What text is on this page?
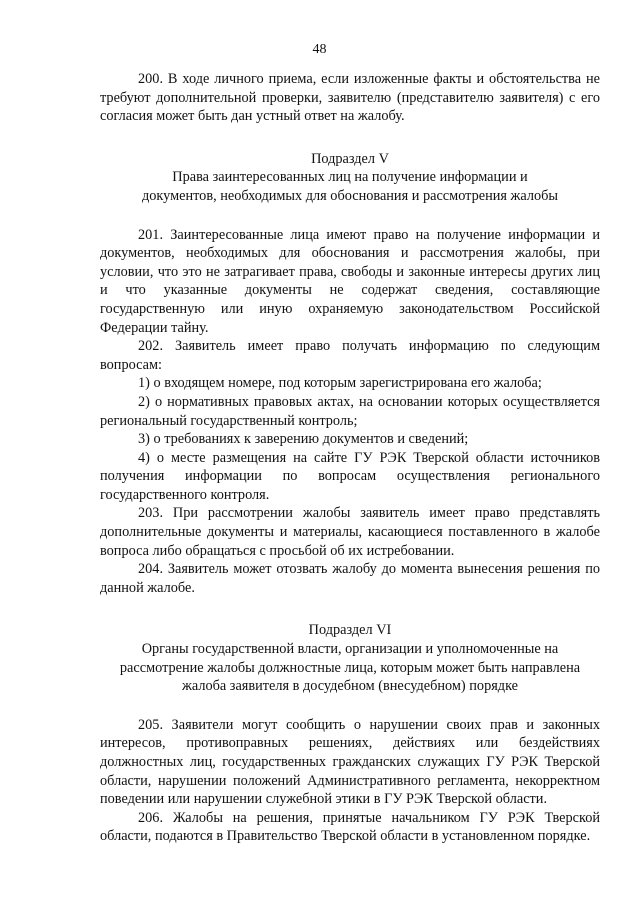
48

200. В ходе личного приема, если изложенные факты и обстоятельства не требуют дополнительной проверки, заявителю (представителю заявителя) с его согласия может быть дан устный ответ на жалобу.

Подраздел V

Права заинтересованных лиц на получение информации и

документов, необходимых для обоснования и рассмотрения жалобы

201. Заинтересованные лица имеют право на получение информации и документов, необходимых для обоснования и рассмотрения жалобы, при условии, что это не затрагивает права, свободы и законные интересы других лиц и что указанные документы не содержат сведения, составляющие государственную или иную охраняемую законодательством Российской Федерации тайну.

202. Заявитель имеет право получать информацию по следующим вопросам:

1) о входящем номере, под которым зарегистрирована его жалоба;

2) о нормативных правовых актах, на основании которых осуществляется региональный государственный контроль;

3) о требованиях к заверению документов и сведений;

4) о месте размещения на сайте ГУ РЭК Тверской области источников получения информации по вопросам осуществления регионального государственного контроля.

203. При рассмотрении жалобы заявитель имеет право представлять дополнительные документы и материалы, касающиеся поставленного в жалобе вопроса либо обращаться с просьбой об их истребовании.

204. Заявитель может отозвать жалобу до момента вынесения решения по данной жалобе.

Подраздел VI

Органы государственной власти, организации и уполномоченные на

рассмотрение жалобы должностные лица, которым может быть направлена

жалоба заявителя в досудебном (внесудебном) порядке

205. Заявители могут сообщить о нарушении своих прав и законных интересов, противоправных решениях, действиях или бездействиях должностных лиц, государственных гражданских служащих ГУ РЭК Тверской области, нарушении положений Административного регламента, некорректном поведении или нарушении служебной этики в ГУ РЭК Тверской области.

206. Жалобы на решения, принятые начальником ГУ РЭК Тверской области, подаются в Правительство Тверской области в установленном порядке.
